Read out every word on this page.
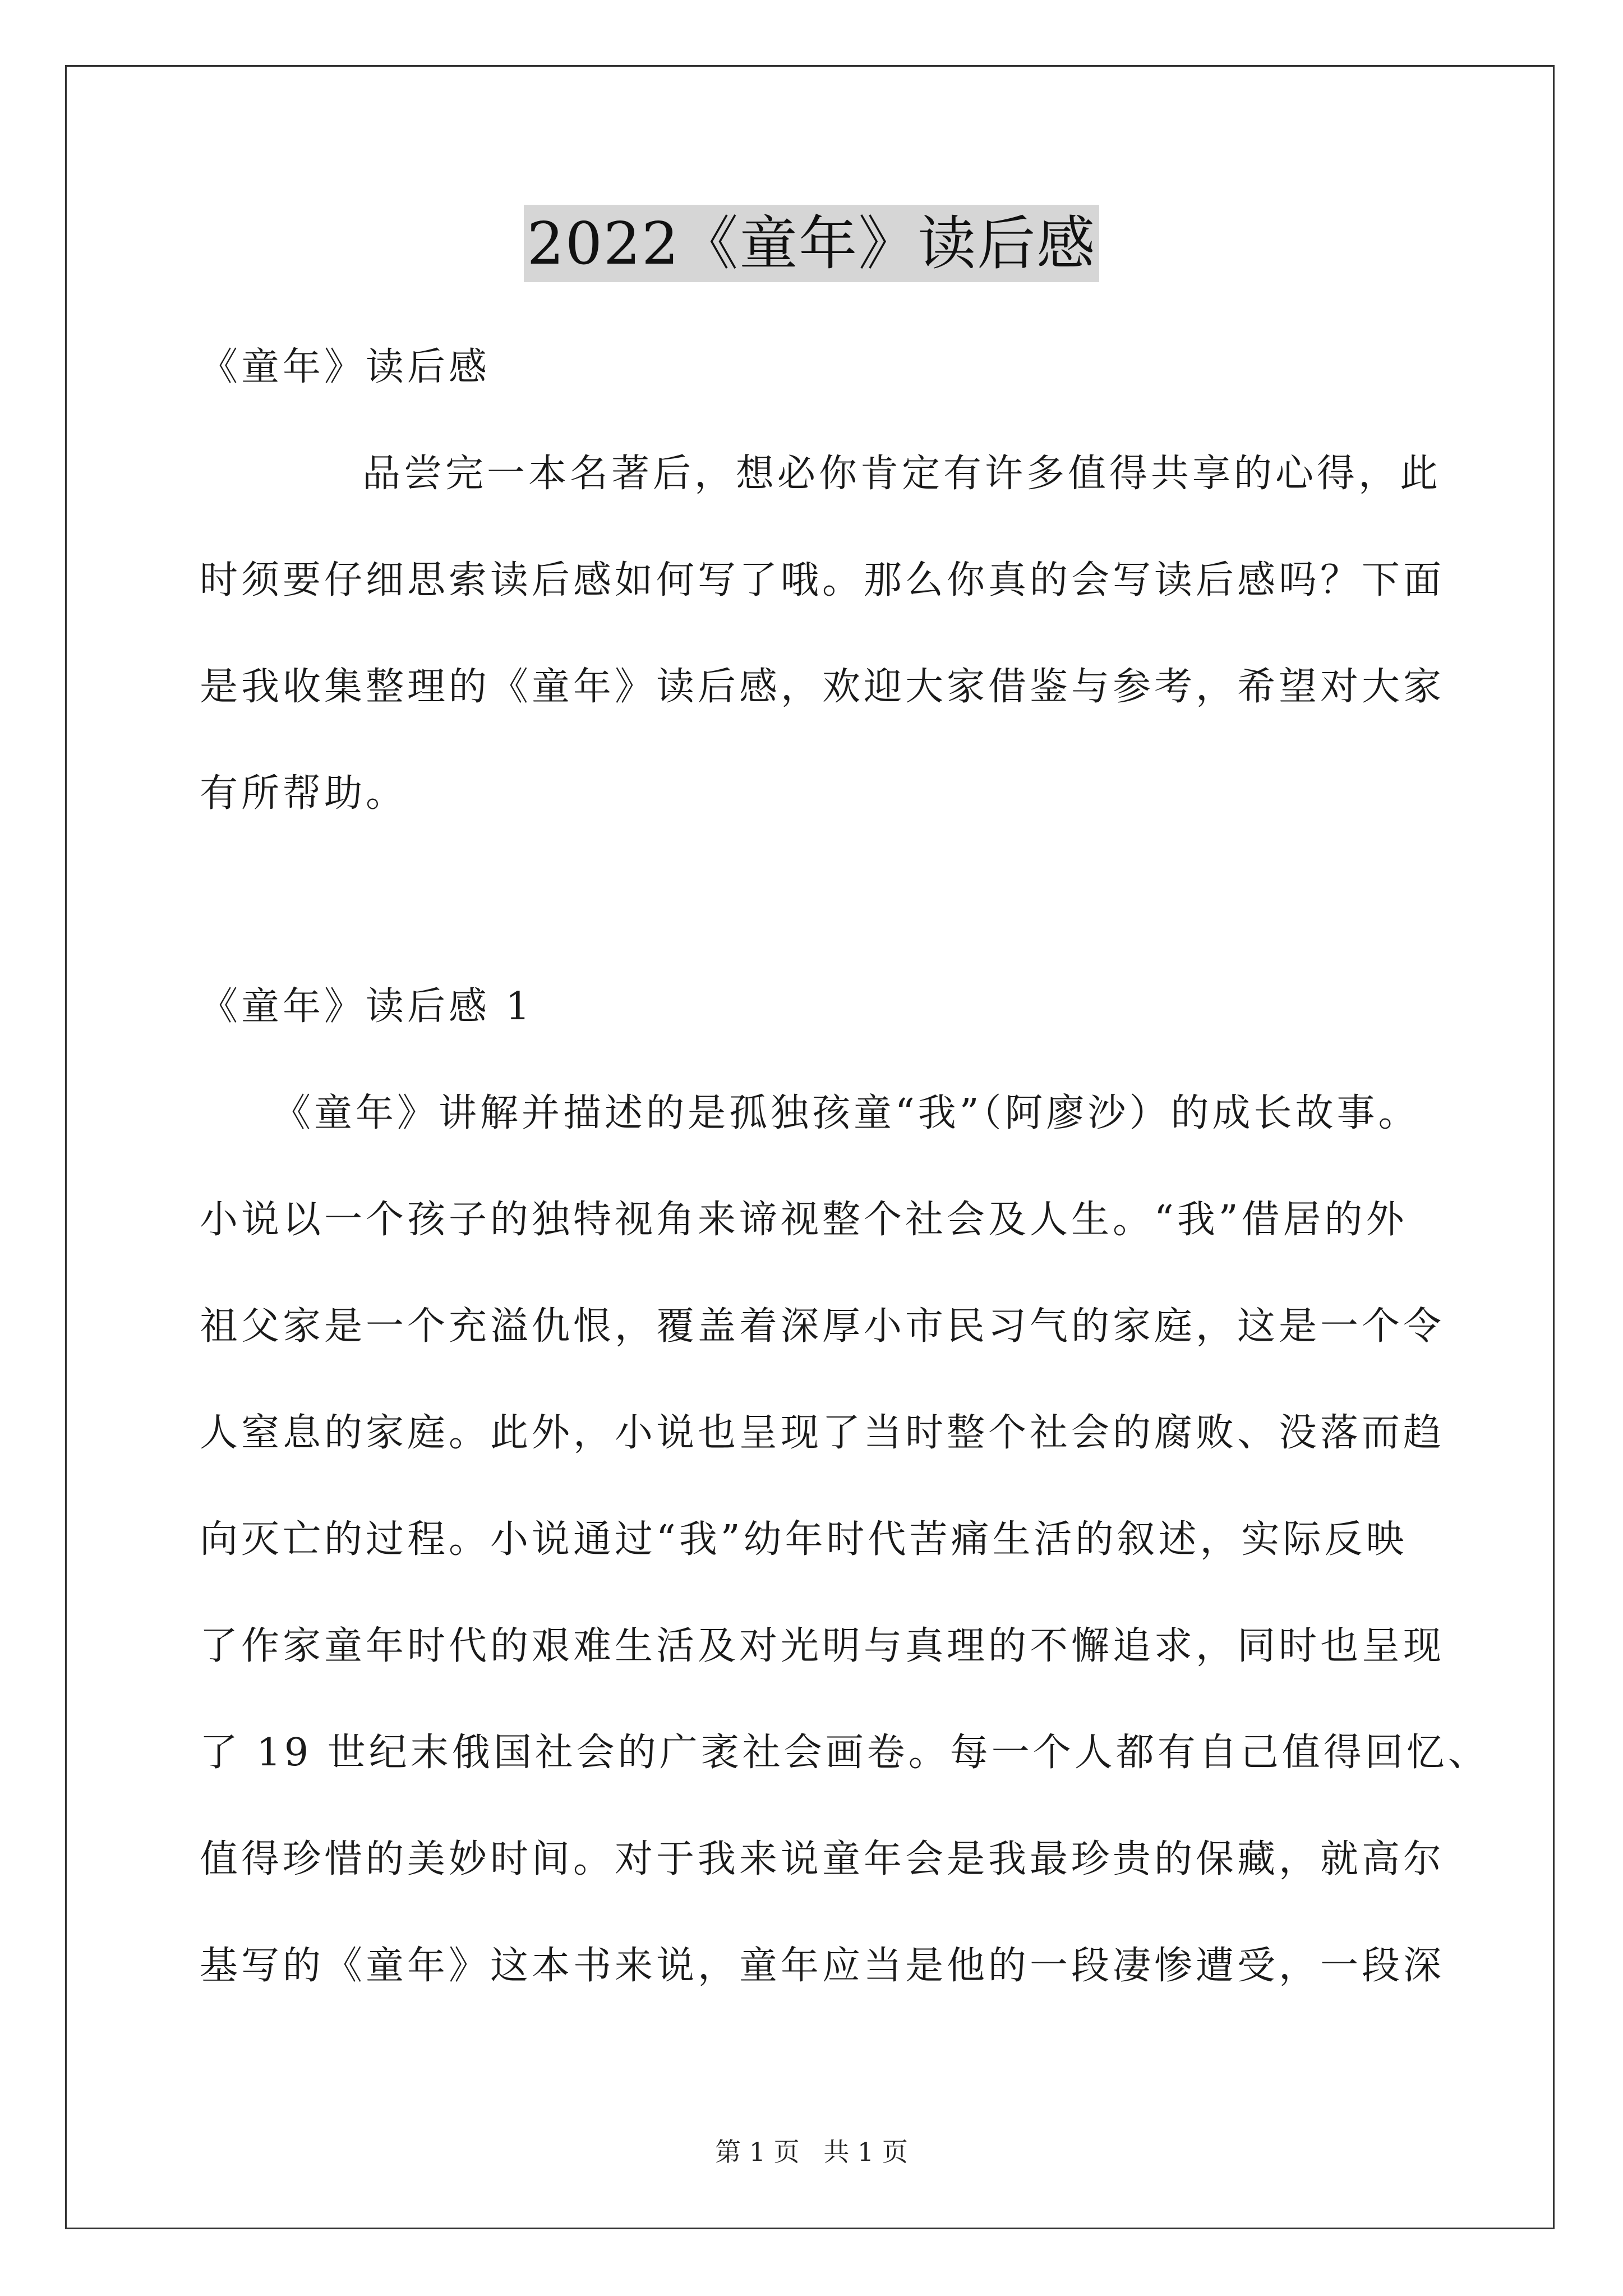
2022《童年》读后感
《童年》读后感
品尝完一本名著后，想必你肯定有许多值得共享的心得，此
时须要仔细思索读后感如何写了哦。那么你真的会写读后感吗？下面
是我收集整理的《童年》读后感，欢迎大家借鉴与参考，希望对大家
有所帮助。
《童年》读后感 1
《童年》讲解并描述的是孤独孩童“我”（阿廖沙）的成长故事。
小说以一个孩子的独特视角来谛视整个社会及人生。“我”借居的外
祖父家是一个充溢仇恨，覆盖着深厚小市民习气的家庭，这是一个令
人窒息的家庭。此外，小说也呈现了当时整个社会的腐败、没落而趋
向灭亡的过程。小说通过“我”幼年时代苦痛生活的叙述，实际反映
了作家童年时代的艰难生活及对光明与真理的不懈追求，同时也呈现
了 19 世纪末俄国社会的广袤社会画卷。每一个人都有自己值得回忆、
值得珍惜的美妙时间。对于我来说童年会是我最珍贵的保藏，就高尔
基写的《童年》这本书来说，童年应当是他的一段凄惨遭受，一段深
第 1 页 共 1 页
